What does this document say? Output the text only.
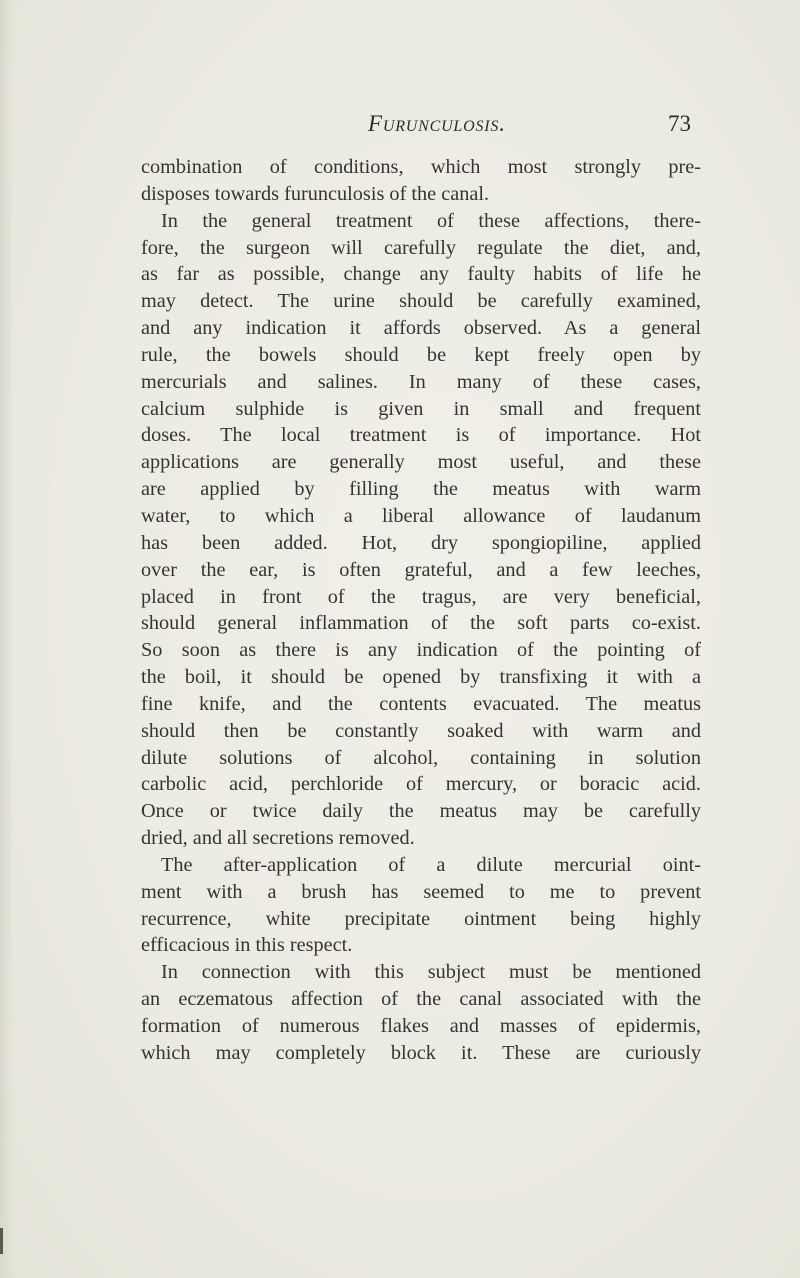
Furunculosis.	73
combination of conditions, which most strongly pre-
disposes towards furunculosis of the canal.
In the general treatment of these affections, there-
fore, the surgeon will carefully regulate the diet, and,
as far as possible, change any faulty habits of life he
may detect. The urine should be carefully examined,
and any indication it affords observed. As a general
rule, the bowels should be kept freely open by
mercurials and salines. In many of these cases,
calcium sulphide is given in small and frequent
doses. The local treatment is of importance. Hot
applications are generally most useful, and these
are applied by filling the meatus with warm
water, to which a liberal allowance of laudanum
has been added. Hot, dry spongiopiline, applied
over the ear, is often grateful, and a few leeches,
placed in front of the tragus, are very beneficial,
should general inflammation of the soft parts co-exist.
So soon as there is any indication of the pointing of
the boil, it should be opened by transfixing it with a
fine knife, and the contents evacuated. The meatus
should then be constantly soaked with warm and
dilute solutions of alcohol, containing in solution
carbolic acid, perchloride of mercury, or boracic acid.
Once or twice daily the meatus may be carefully
dried, and all secretions removed.
The after-application of a dilute mercurial oint-
ment with a brush has seemed to me to prevent
recurrence, white precipitate ointment being highly
efficacious in this respect.
In connection with this subject must be mentioned
an eczematous affection of the canal associated with the
formation of numerous flakes and masses of epidermis,
which may completely block it. These are curiously
